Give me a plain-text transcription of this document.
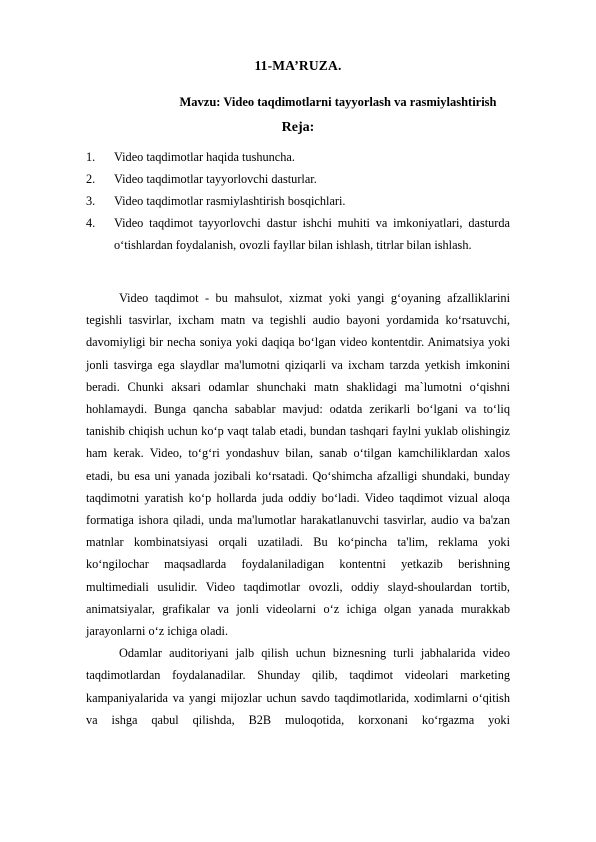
11-MA’RUZA.
Mavzu: Video taqdimotlarni tayyorlash va rasmiylashtirish
Reja:
1.	Video taqdimotlar haqida tushuncha.
2.	Video taqdimotlar tayyorlovchi dasturlar.
3.	Video taqdimotlar rasmiylashtirish bosqichlari.
4.	Video taqdimot tayyorlovchi dastur ishchi muhiti va imkoniyatlari, dasturda o‘tishlardan foydalanish, ovozli fayllar bilan ishlash, titrlar bilan ishlash.

Video taqdimot - bu mahsulot, xizmat yoki yangi g‘oyaning afzalliklarini tegishli tasvirlar, ixcham matn va tegishli audio bayoni yordamida ko‘rsatuvchi, davomiyligi bir necha soniya yoki daqiqa bo‘lgan video kontentdir. Animatsiya yoki jonli tasvirga ega slaydlar ma'lumotni qiziqarli va ixcham tarzda yetkish imkonini beradi. Chunki aksari odamlar shunchaki matn shaklidagi ma`lumotni o‘qishni hohlamaydi. Bunga qancha sabablar mavjud: odatda zerikarli bo‘lgani va to‘liq tanishib chiqish uchun ko‘p vaqt talab etadi, bundan tashqari faylni yuklab olishingiz ham kerak. Video, to‘g‘ri yondashuv bilan, sanab o‘tilgan kamchiliklardan xalos etadi, bu esa uni yanada jozibali ko‘rsatadi. Qo‘shimcha afzalligi shundaki, bunday taqdimotni yaratish ko‘p hollarda juda oddiy bo‘ladi. Video taqdimot vizual aloqa formatiga ishora qiladi, unda ma'lumotlar harakatlanuvchi tasvirlar, audio va ba'zan matnlar kombinatsiyasi orqali uzatiladi. Bu ko‘pincha ta'lim, reklama yoki ko‘ngilochar maqsadlarda foydalaniladigan kontentni yetkazib berishning multimediali usulidir. Video taqdimotlar ovozli, oddiy slayd-shoulardan tortib, animatsiyalar, grafikalar va jonli videolarni o‘z ichiga olgan yanada murakkab jarayonlarni o‘z ichiga oladi.

Odamlar auditoriyani jalb qilish uchun biznesning turli jabhalarida video taqdimotlardan foydalanadilar. Shunday qilib, taqdimot videolari marketing kampaniyalarida va yangi mijozlar uchun savdo taqdimotlarida, xodimlarni o‘qitish va ishga qabul qilishda, B2B muloqotida, korxonani ko‘rgazma yoki
